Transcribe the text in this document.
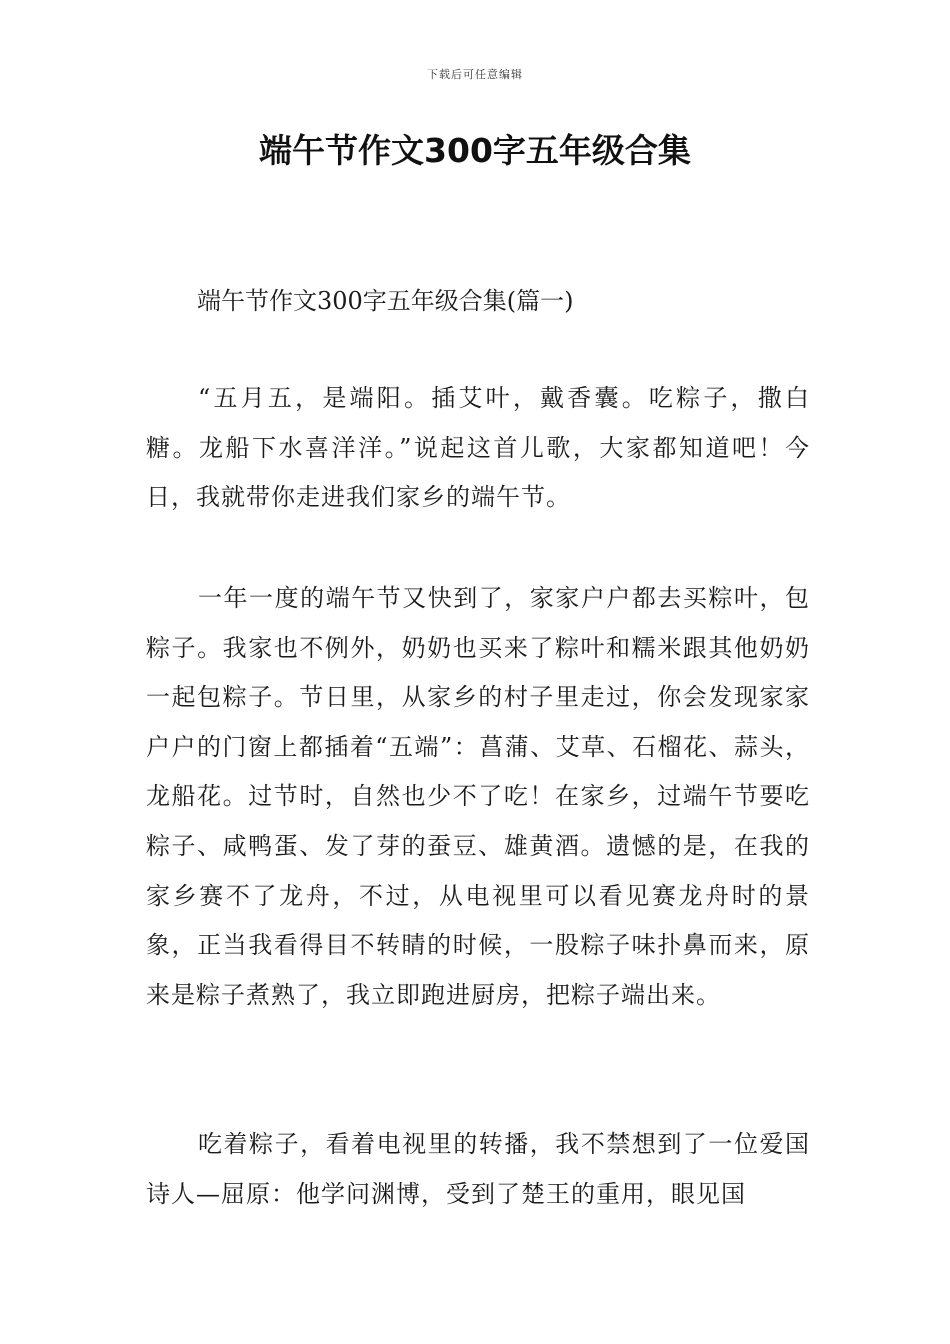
下载后可任意编辑
端午节作文300字五年级合集

端午节作文300字五年级合集(篇一)

“五月五，是端阳。插艾叶，戴香囊。吃粽子，撒白糖。龙船下水喜洋洋。”说起这首儿歌，大家都知道吧！今日，我就带你走进我们家乡的端午节。

一年一度的端午节又快到了，家家户户都去买粽叶，包粽子。我家也不例外，奶奶也买来了粽叶和糯米跟其他奶奶一起包粽子。节日里，从家乡的村子里走过，你会发现家家户户的门窗上都插着“五端”：菖蒲、艾草、石榴花、蒜头，龙船花。过节时，自然也少不了吃！在家乡，过端午节要吃粽子、咸鸭蛋、发了芽的蚕豆、雄黄酒。遗憾的是，在我的家乡赛不了龙舟，不过，从电视里可以看见赛龙舟时的景象，正当我看得目不转睛的时候，一股粽子味扑鼻而来，原来是粽子煮熟了，我立即跑进厨房，把粽子端出来。

吃着粽子，看着电视里的转播，我不禁想到了一位爱国诗人—屈原：他学问渊博，受到了楚王的重用，眼见国
